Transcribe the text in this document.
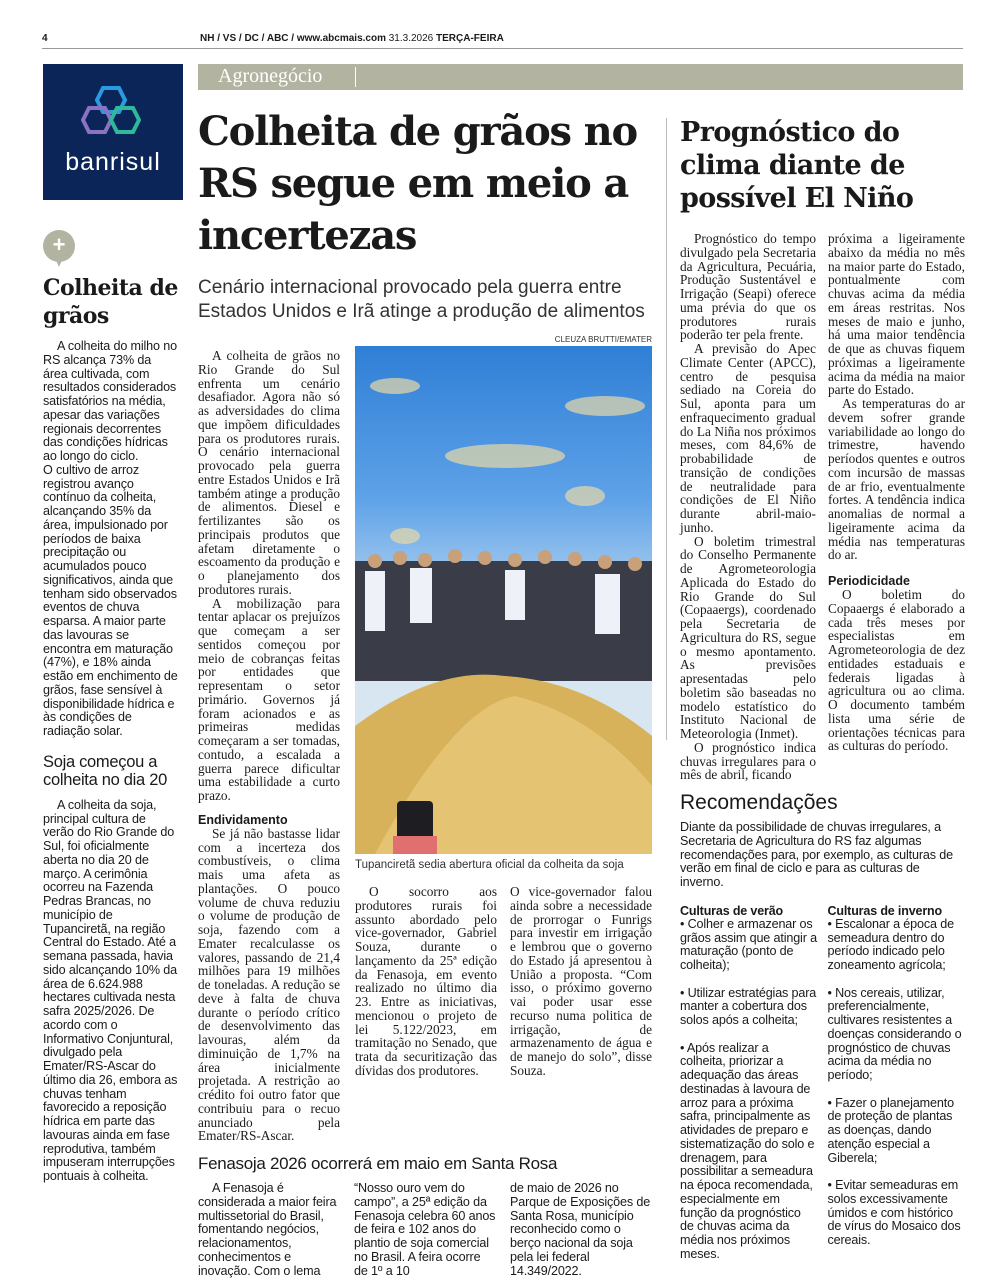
4	NH / VS / DC / ABC / www.abcmais.com 31.3.2026 TERÇA-FEIRA
banrisul
Agronegócio
+
Colheita de grãos

A colheita do milho no RS alcança 73% da área cultivada, com resultados considerados satisfatórios na média, apesar das variações regionais decorrentes das condições hídricas ao longo do ciclo.

O cultivo de arroz registrou avanço contínuo da colheita, alcançando 35% da área, impulsionado por períodos de baixa precipitação ou acumulados pouco significativos, ainda que tenham sido observados eventos de chuva esparsa. A maior parte das lavouras se encontra em maturação (47%), e 18% ainda estão em enchimento de grãos, fase sensível à disponibilidade hídrica e às condições de radiação solar.

Soja começou a colheita no dia 20

A colheita da soja, principal cultura de verão do Rio Grande do Sul, foi oficialmente aberta no dia 20 de março. A cerimônia ocorreu na Fazenda Pedras Brancas, no município de Tupanciretã, na região Central do Estado. Até a semana passada, havia sido alcançando 10% da área de 6.624.988 hectares cultivada nesta safra 2025/2026. De acordo com o Informativo Conjuntural, divulgado pela Emater/RS-Ascar do último dia 26, embora as chuvas tenham favorecido a reposição hídrica em parte das lavouras ainda em fase reprodutiva, também impuseram interrupções pontuais à colheita.

Colheita de grãos no RS segue em meio a incertezas
Cenário internacional provocado pela guerra entre Estados Unidos e Irã atinge a produção de alimentos

A colheita de grãos no Rio Grande do Sul enfrenta um cenário desafiador. Agora não só as adversidades do clima que impõem dificuldades para os produtores rurais. O cenário internacional provocado pela guerra entre Estados Unidos e Irã também atinge a produção de alimentos. Diesel e fertilizantes são os principais produtos que afetam diretamente o escoamento da produção e o planejamento dos produtores rurais.

A mobilização para tentar aplacar os prejuízos que começam a ser sentidos começou por meio de cobranças feitas por entidades que representam o setor primário. Governos já foram acionados e as primeiras medidas começaram a ser tomadas, contudo, a escalada a guerra parece dificultar uma estabilidade a curto prazo.

Endividamento

Se já não bastasse lidar com a incerteza dos combustíveis, o clima mais uma afeta as plantações. O pouco volume de chuva reduziu o volume de produção de soja, fazendo com a Emater recalculasse os valores, passando de 21,4 milhões para 19 milhões de toneladas. A redução se deve à falta de chuva durante o período crítico de desenvolvimento das lavouras, além da diminuição de 1,7% na área inicialmente projetada. A restrição ao crédito foi outro fator que contribuiu para o recuo anunciado pela Emater/RS-Ascar.

CLEUZA BRUTTI/EMATER
Tupanciretã sedia abertura oficial da colheita da soja

O socorro aos produtores rurais foi assunto abordado pelo vice-governador, Gabriel Souza, durante o lançamento da 25ª edição da Fenasoja, em evento realizado no último dia 23. Entre as iniciativas, mencionou o projeto de lei 5.122/2023, em tramitação no Senado, que trata da securitização das dívidas dos produtores.

O vice-governador falou ainda sobre a necessidade de prorrogar o Funrigs para investir em irrigação e lembrou que o governo do Estado já apresentou à União a proposta. “Com isso, o próximo governo vai poder usar esse recurso numa politica de irrigação, de armazenamento de água e de manejo do solo”, disse Souza.

Fenasoja 2026 ocorrerá em maio em Santa Rosa

A Fenasoja é considerada a maior feira multissetorial do Brasil, fomentando negócios, relacionamentos, conhecimentos e inovação. Com o lema

“Nosso ouro vem do campo”, a 25ª edição da Fenasoja celebra 60 anos de feira e 102 anos do plantio de soja comercial no Brasil. A feira ocorre de 1º a 10

de maio de 2026 no Parque de Exposições de Santa Rosa, município reconhecido como o berço nacional da soja pela lei federal 14.349/2022.

Prognóstico do clima diante de possível El Niño

Prognóstico do tempo divulgado pela Secretaria da Agricultura, Pecuária, Produção Sustentável e Irrigação (Seapi) oferece uma prévia do que os produtores rurais poderão ter pela frente.

A previsão do Apec Climate Center (APCC), centro de pesquisa sediado na Coreia do Sul, aponta para um enfraquecimento gradual do La Niña nos próximos meses, com 84,6% de probabilidade de transição de condições de neutralidade para condições de El Niño durante abril-maio-junho.

O boletim trimestral do Conselho Permanente de Agrometeorologia Aplicada do Estado do Rio Grande do Sul (Copaaergs), coordenado pela Secretaria de Agricultura do RS, segue o mesmo apontamento. As previsões apresentadas pelo boletim são baseadas no modelo estatístico do Instituto Nacional de Meteorologia (Inmet).

O prognóstico indica chuvas irregulares para o mês de abril, ficando

próxima a ligeiramente abaixo da média no mês na maior parte do Estado, pontualmente com chuvas acima da média em áreas restritas. Nos meses de maio e junho, há uma maior tendência de que as chuvas fiquem próximas a ligeiramente acima da média na maior parte do Estado.

As temperaturas do ar devem sofrer grande variabilidade ao longo do trimestre, havendo períodos quentes e outros com incursão de massas de ar frio, eventualmente fortes. A tendência indica anomalias de normal a ligeiramente acima da média nas temperaturas do ar.

Periodicidade

O boletim do Copaaergs é elaborado a cada três meses por especialistas em Agrometeorologia de dez entidades estaduais e federais ligadas à agricultura ou ao clima. O documento também lista uma série de orientações técnicas para as culturas do período.

Recomendações
Diante da possibilidade de chuvas irregulares, a Secretaria de Agricultura do RS faz algumas recomendações para, por exemplo, as culturas de verão em final de ciclo e para as culturas de inverno.
Culturas de verão
• Colher e armazenar os grãos assim que atingir a maturação (ponto de colheita);

• Utilizar estratégias para manter a cobertura dos solos após a colheita;

• Após realizar a colheita, priorizar a adequação das áreas destinadas à lavoura de arroz para a próxima safra, principalmente as atividades de preparo e sistematização do solo e drenagem, para possibilitar a semeadura na época recomendada, especialmente em função da prognóstico de chuvas acima da média nos próximos meses.
Culturas de inverno
• Escalonar a época de semeadura dentro do período indicado pelo zoneamento agrícola;

• Nos cereais, utilizar, preferencialmente, cultivares resistentes a doenças considerando o prognóstico de chuvas acima da média no período;

• Fazer o planejamento de proteção de plantas as doenças, dando atenção especial a Giberela;

• Evitar semeaduras em solos excessivamente úmidos e com histórico de vírus do Mosaico dos cereais.
